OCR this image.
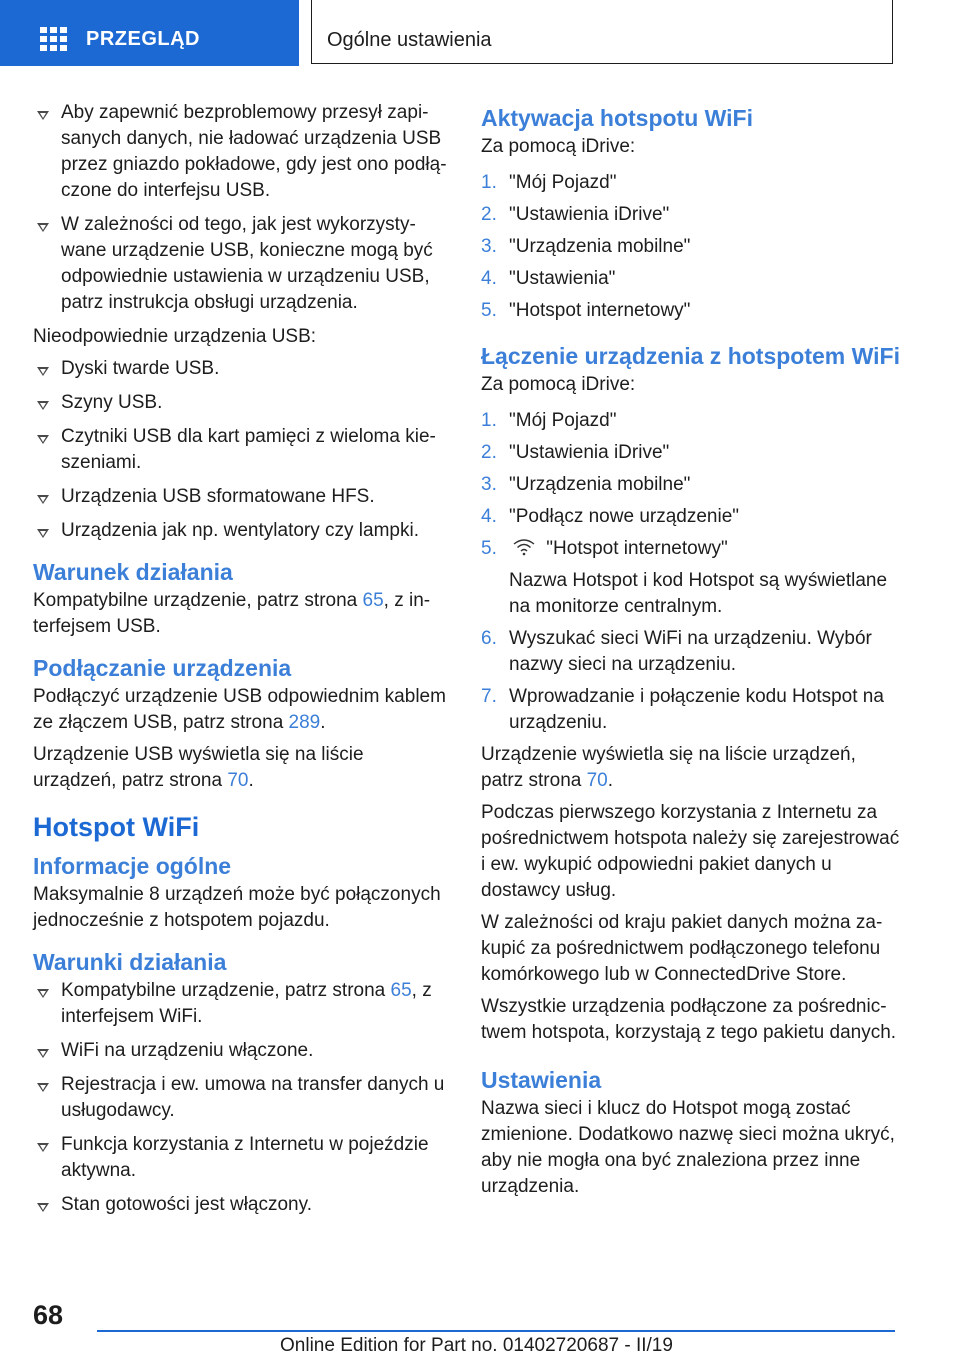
PRZEGLĄD	Ogólne ustawienia
Aby zapewnić bezproblemowy przesył zapisanych danych, nie ładować urządzenia USB przez gniazdo pokładowe, gdy jest ono podłączone do interfejsu USB.
W zależności od tego, jak jest wykorzystywane urządzenie USB, konieczne mogą być odpowiednie ustawienia w urządzeniu USB, patrz instrukcja obsługi urządzenia.

Nieodpowiednie urządzenia USB:

Dyski twarde USB.
Szyny USB.
Czytniki USB dla kart pamięci z wieloma kieszeniami.
Urządzenia USB sformatowane HFS.
Urządzenia jak np. wentylatory czy lampki.
Warunek działania

Kompatybilne urządzenie, patrz strona 65, z interfejsem USB.

Podłączanie urządzenia

Podłączyć urządzenie USB odpowiednim kablem ze złączem USB, patrz strona 289.

Urządzenie USB wyświetla się na liście urządzeń, patrz strona 70.

Hotspot WiFi
Informacje ogólne

Maksymalnie 8 urządzeń może być połączonych jednocześnie z hotspotem pojazdu.

Warunki działania
Kompatybilne urządzenie, patrz strona 65, z interfejsem WiFi.
WiFi na urządzeniu włączone.
Rejestracja i ew. umowa na transfer danych u usługodawcy.
Funkcja korzystania z Internetu w pojeździe aktywna.
Stan gotowości jest włączony.
Aktywacja hotspotu WiFi

Za pomocą iDrive:

1. "Mój Pojazd"
2. "Ustawienia iDrive"
3. "Urządzenia mobilne"
4. "Ustawienia"
5. "Hotspot internetowy"
Łączenie urządzenia z hotspotem WiFi

Za pomocą iDrive:

1. "Mój Pojazd"
2. "Ustawienia iDrive"
3. "Urządzenia mobilne"
4. "Podłącz nowe urządzenie"
5.	"Hotspot internetowy"
Nazwa Hotspot i kod Hotspot są wyświetlane na monitorze centralnym.
6. Wyszukać sieci WiFi na urządzeniu. Wybór nazwy sieci na urządzeniu.
7. Wprowadzanie i połączenie kodu Hotspot na urządzeniu.

Urządzenie wyświetla się na liście urządzeń, patrz strona 70.

Podczas pierwszego korzystania z Internetu za pośrednictwem hotspota należy się zarejestrować i ew. wykupić odpowiedni pakiet danych u dostawcy usług.

W zależności od kraju pakiet danych można zakupić za pośrednictwem podłączonego telefonu komórkowego lub w ConnectedDrive Store.

Wszystkie urządzenia podłączone za pośrednictwem hotspota, korzystają z tego pakietu danych.

Ustawienia

Nazwa sieci i klucz do Hotspot mogą zostać zmienione. Dodatkowo nazwę sieci można ukryć, aby nie mogła ona być znaleziona przez inne urządzenia.

68
Online Edition for Part no. 01402720687 - II/19
